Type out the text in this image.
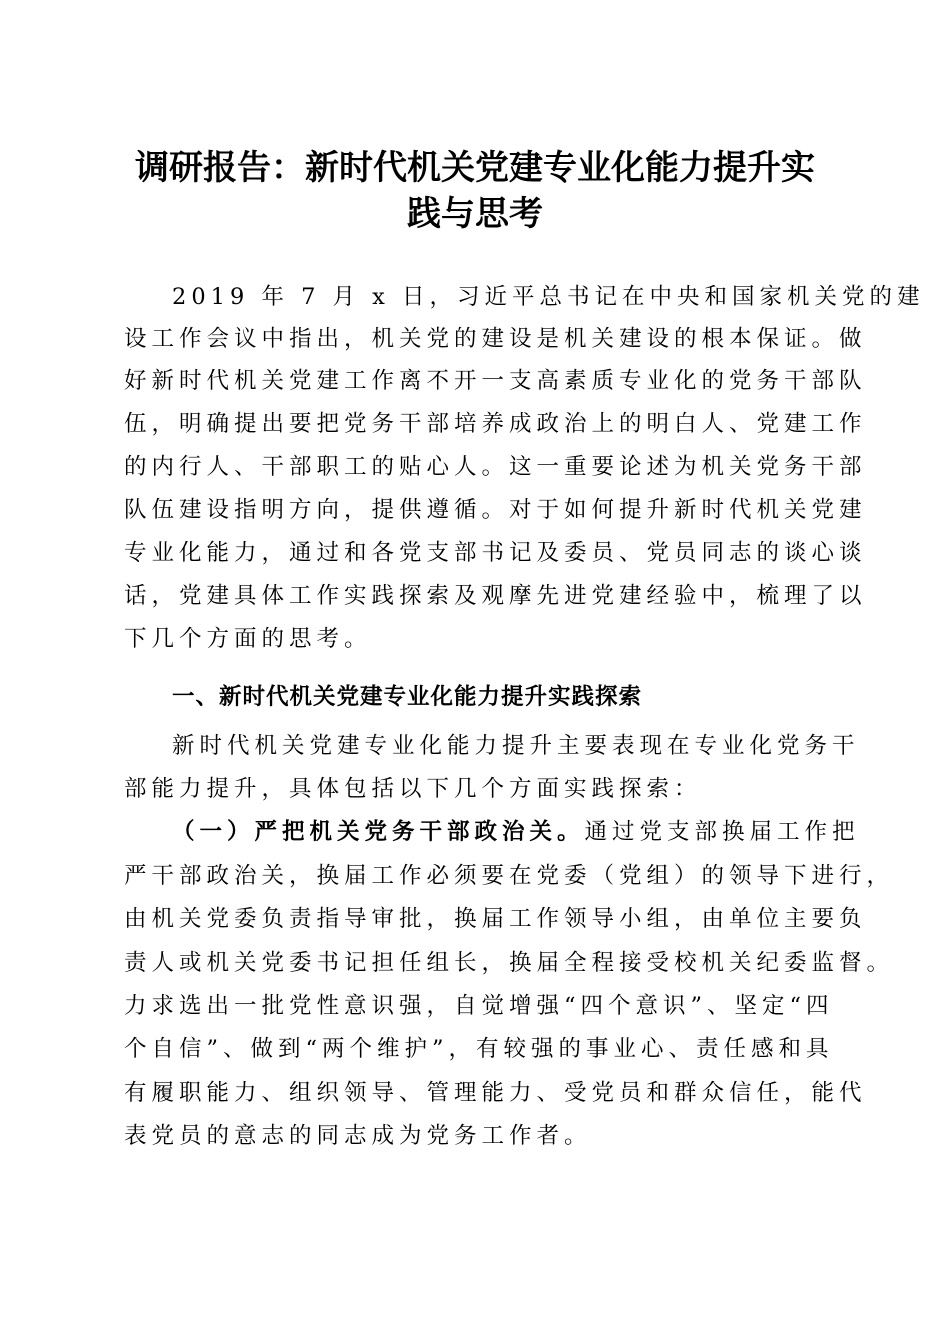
调研报告：新时代机关党建专业化能力提升实
践与思考
2019 年 7 月 x 日，习近平总书记在中央和国家机关党的建
设工作会议中指出，机关党的建设是机关建设的根本保证。做
好新时代机关党建工作离不开一支高素质专业化的党务干部队
伍，明确提出要把党务干部培养成政治上的明白人、党建工作
的内行人、干部职工的贴心人。这一重要论述为机关党务干部
队伍建设指明方向，提供遵循。对于如何提升新时代机关党建
专业化能力，通过和各党支部书记及委员、党员同志的谈心谈
话，党建具体工作实践探索及观摩先进党建经验中，梳理了以
下几个方面的思考。
一、新时代机关党建专业化能力提升实践探索
新时代机关党建专业化能力提升主要表现在专业化党务干
部能力提升，具体包括以下几个方面实践探索：
（一）严把机关党务干部政治关。通过党支部换届工作把
严干部政治关，换届工作必须要在党委（党组）的领导下进行，
由机关党委负责指导审批，换届工作领导小组，由单位主要负
责人或机关党委书记担任组长，换届全程接受校机关纪委监督。
力求选出一批党性意识强，自觉增强“四个意识”、坚定“四
个自信”、做到“两个维护”，有较强的事业心、责任感和具
有履职能力、组织领导、管理能力、受党员和群众信任，能代
表党员的意志的同志成为党务工作者。
